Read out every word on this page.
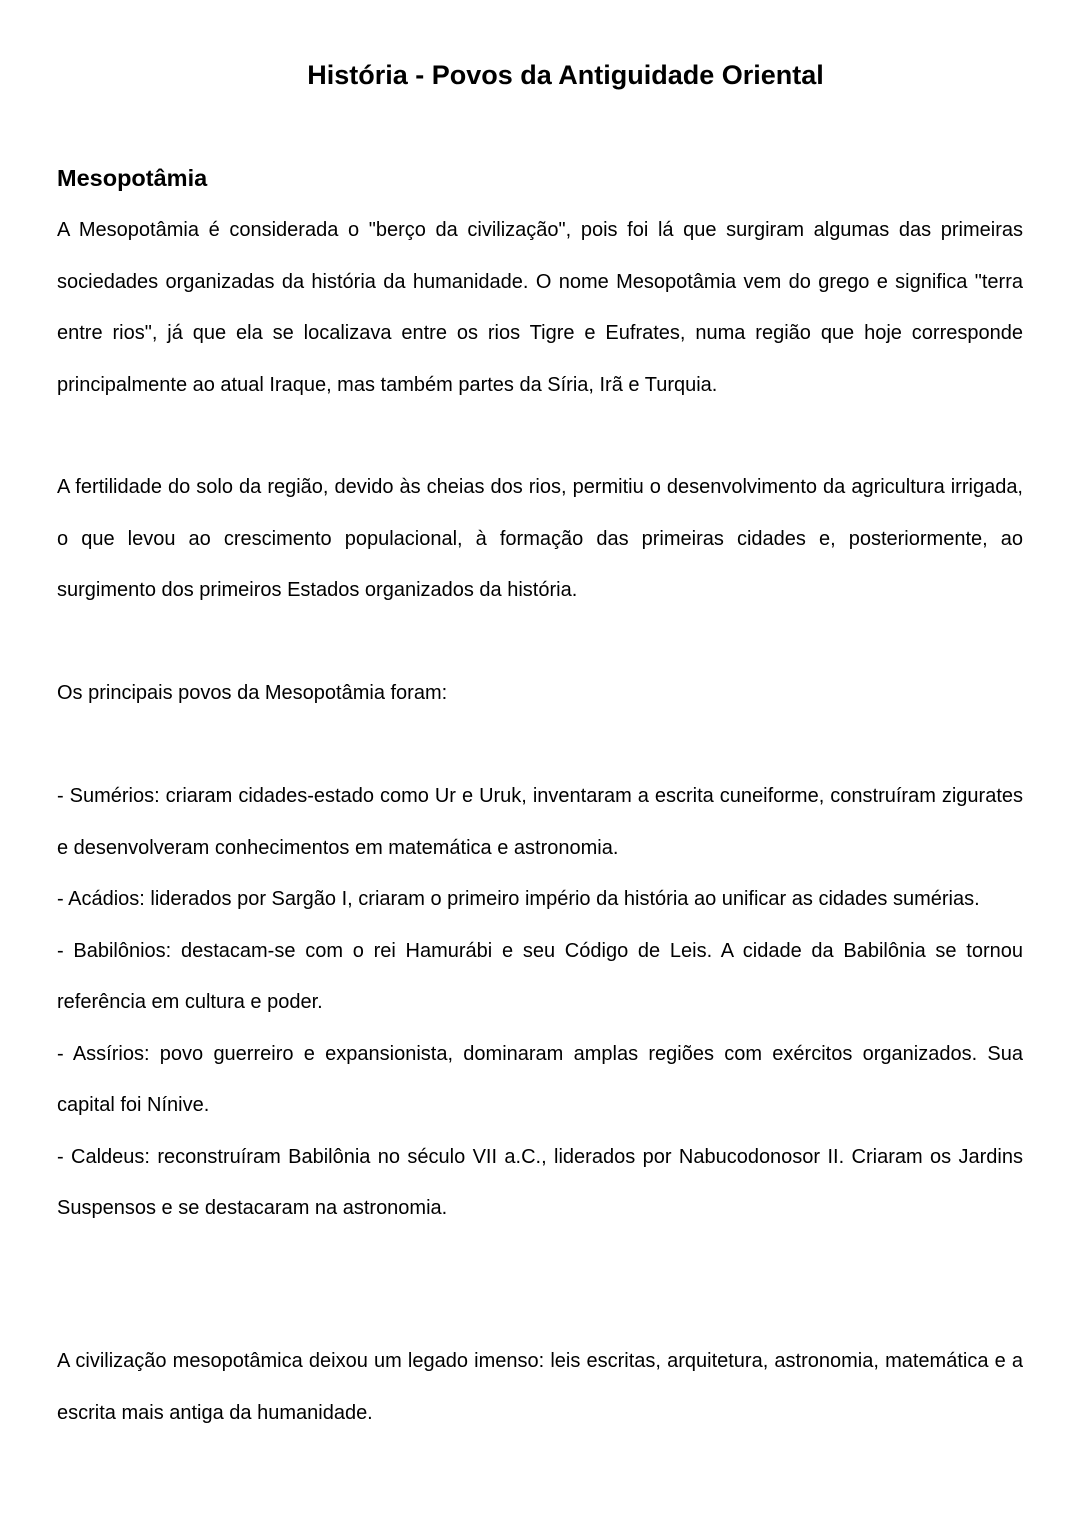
História - Povos da Antiguidade Oriental
Mesopotâmia

A Mesopotâmia é considerada o "berço da civilização", pois foi lá que surgiram algumas das primeiras sociedades organizadas da história da humanidade. O nome Mesopotâmia vem do grego e significa "terra entre rios", já que ela se localizava entre os rios Tigre e Eufrates, numa região que hoje corresponde principalmente ao atual Iraque, mas também partes da Síria, Irã e Turquia.

A fertilidade do solo da região, devido às cheias dos rios, permitiu o desenvolvimento da agricultura irrigada, o que levou ao crescimento populacional, à formação das primeiras cidades e, posteriormente, ao surgimento dos primeiros Estados organizados da história.

Os principais povos da Mesopotâmia foram:

- Sumérios: criaram cidades-estado como Ur e Uruk, inventaram a escrita cuneiforme, construíram zigurates e desenvolveram conhecimentos em matemática e astronomia.
- Acádios: liderados por Sargão I, criaram o primeiro império da história ao unificar as cidades sumérias.
- Babilônios: destacam-se com o rei Hamurábi e seu Código de Leis. A cidade da Babilônia se tornou referência em cultura e poder.
- Assírios: povo guerreiro e expansionista, dominaram amplas regiões com exércitos organizados. Sua capital foi Nínive.
- Caldeus: reconstruíram Babilônia no século VII a.C., liderados por Nabucodonosor II. Criaram os Jardins Suspensos e se destacaram na astronomia.

A civilização mesopotâmica deixou um legado imenso: leis escritas, arquitetura, astronomia, matemática e a escrita mais antiga da humanidade.
